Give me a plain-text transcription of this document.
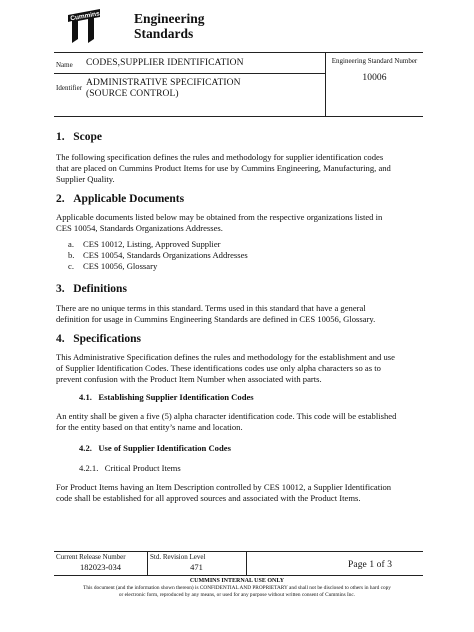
Cummins Engineering
Standards
Name CODES,SUPPLIER IDENTIFICATION
Identifier ADMINISTRATIVE SPECIFICATION
(SOURCE CONTROL)
Engineering Standard Number
10006
1. Scope
The following specification defines the rules and methodology for supplier identification codes
that are placed on Cummins Product Items for use by Cummins Engineering, Manufacturing, and
Supplier Quality.
2. Applicable Documents
Applicable documents listed below may be obtained from the respective organizations listed in
CES 10054, Standards Organizations Addresses.
a. CES 10012, Listing, Approved Supplier
b. CES 10054, Standards Organizations Addresses
c. CES 10056, Glossary
3. Definitions
There are no unique terms in this standard. Terms used in this standard that have a general
definition for usage in Cummins Engineering Standards are defined in CES 10056, Glossary.
4. Specifications
This Administrative Specification defines the rules and methodology for the establishment and use
of Supplier Identification Codes. These identifications codes use only alpha characters so as to
prevent confusion with the Product Item Number when associated with parts.
4.1. Establishing Supplier Identification Codes
An entity shall be given a five (5) alpha character identification code. This code will be established
for the entity based on that entity’s name and location.
4.2. Use of Supplier Identification Codes
4.2.1. Critical Product Items
For Product Items having an Item Description controlled by CES 10012, a Supplier Identification
code shall be established for all approved sources and associated with the Product Items.
Current Release Number
182023-034
Std. Revision Level
471	Page 1 of 3
CUMMINS INTERNAL USE ONLY
This document (and the information shown thereon) is CONFIDENTIAL AND PROPRIETARY and shall not be disclosed to others in hard copy
or electronic form, reproduced by any means, or used for any purpose without written consent of Cummins Inc.
